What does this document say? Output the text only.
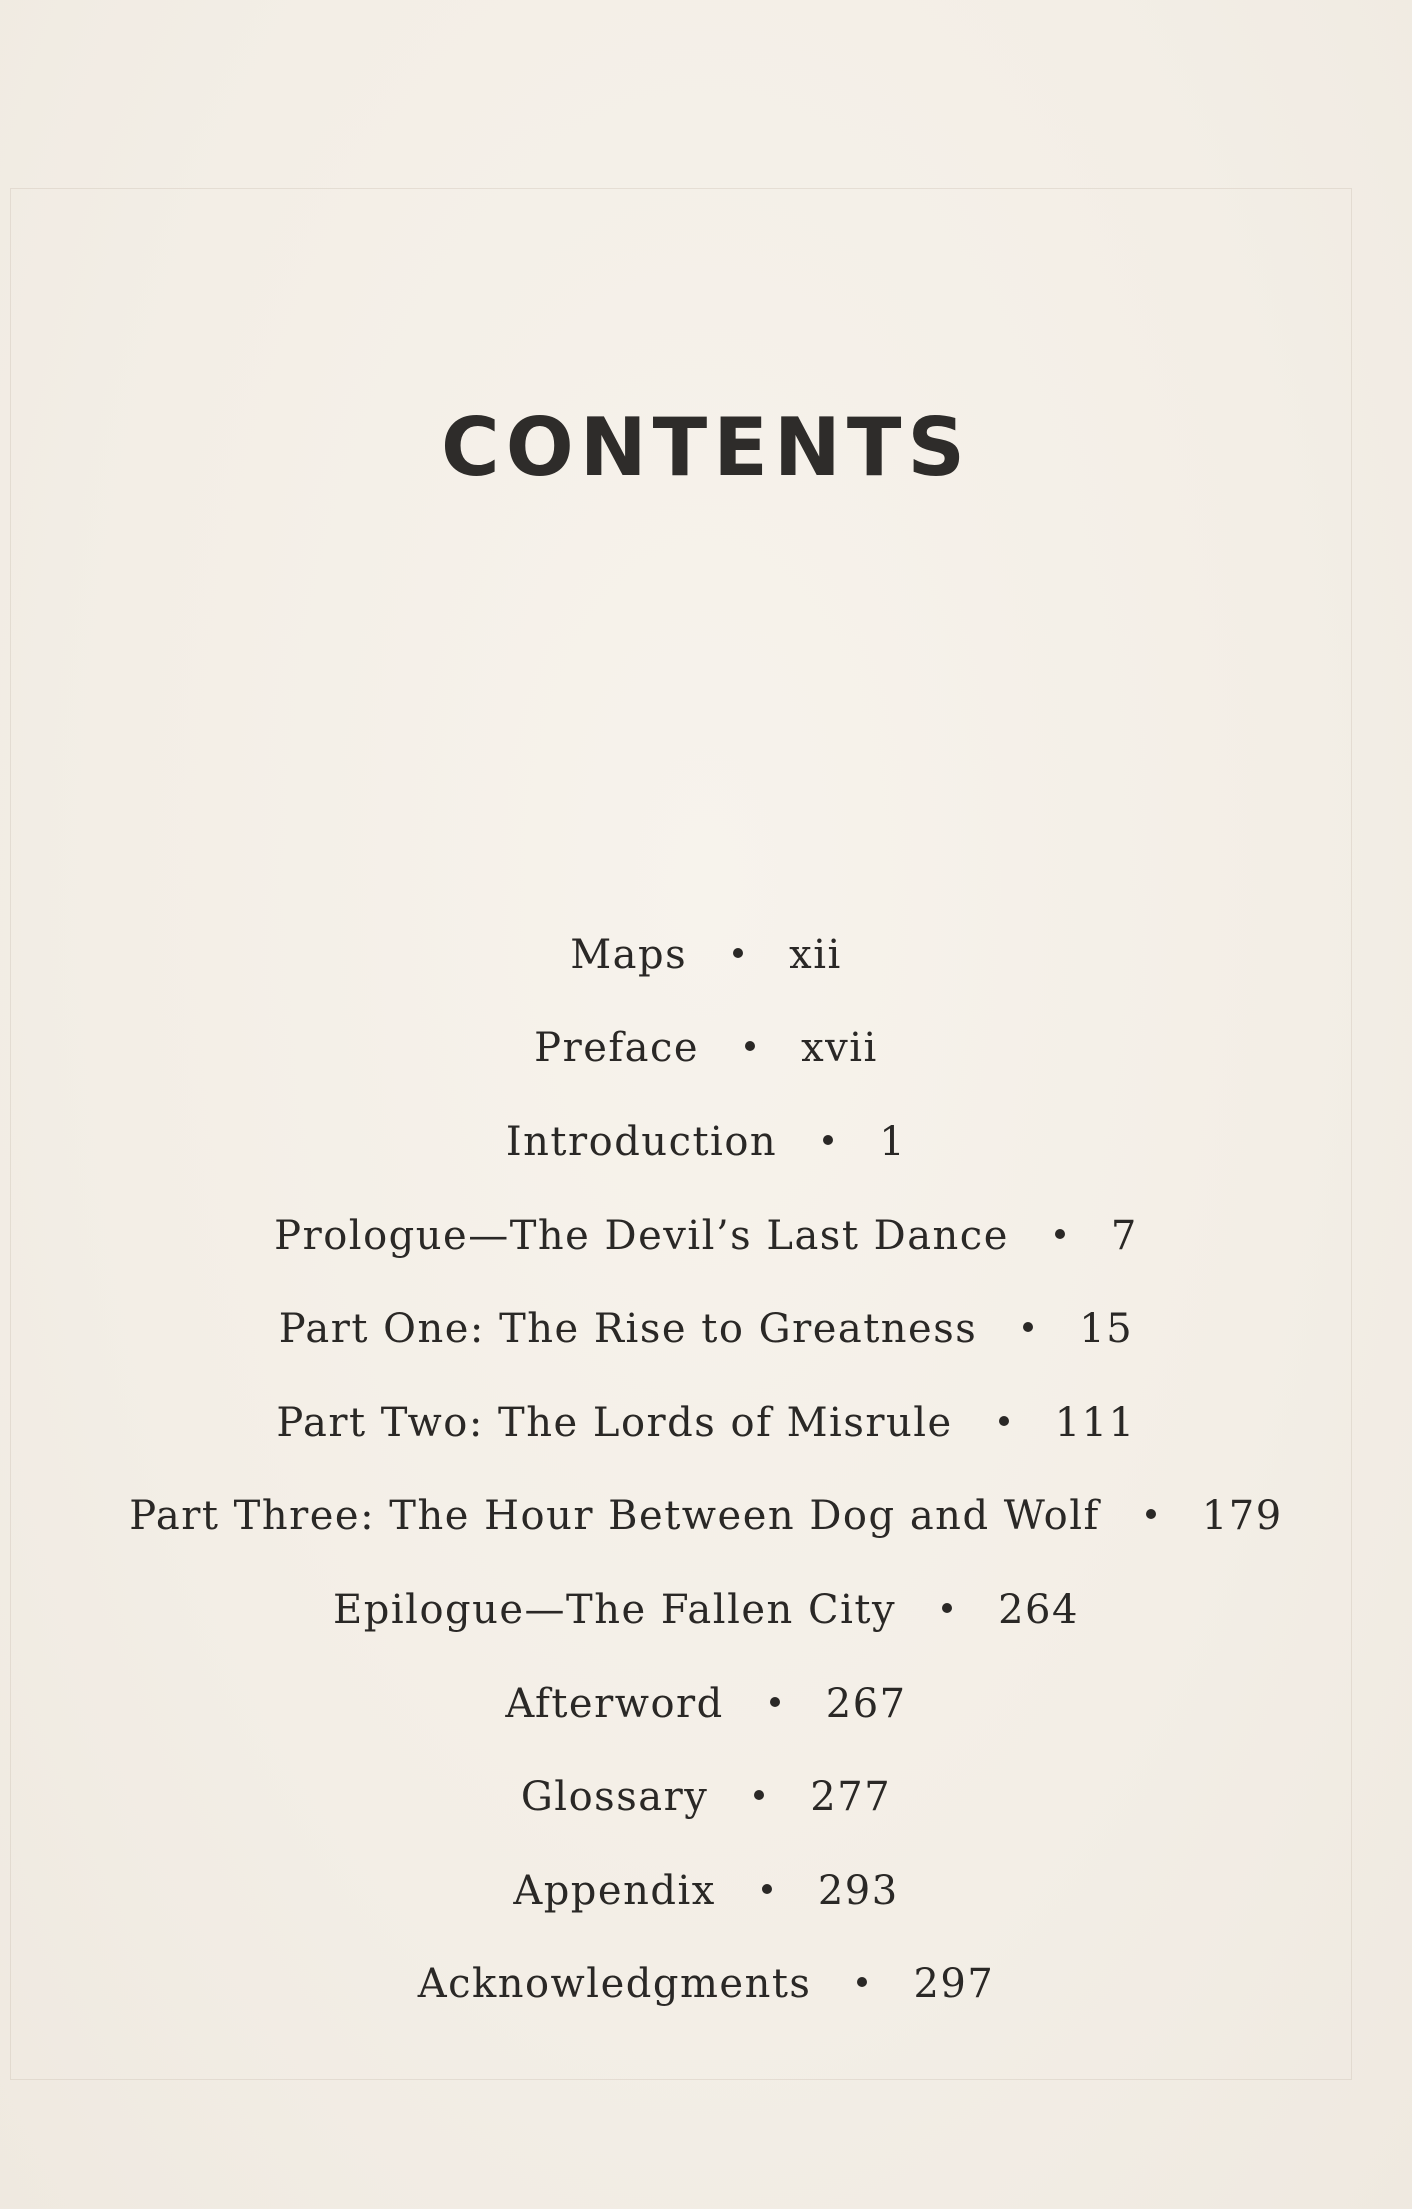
CONTENTS
Maps	xii
Preface	xvii
Introduction	1
Prologue—The Devil’s Last Dance	7
Part One: The Rise to Greatness	15
Part Two: The Lords of Misrule	111
Part Three: The Hour Between Dog and Wolf	179
Epilogue—The Fallen City	264
Afterword	267
Glossary	277
Appendix	293
Acknowledgments	297
